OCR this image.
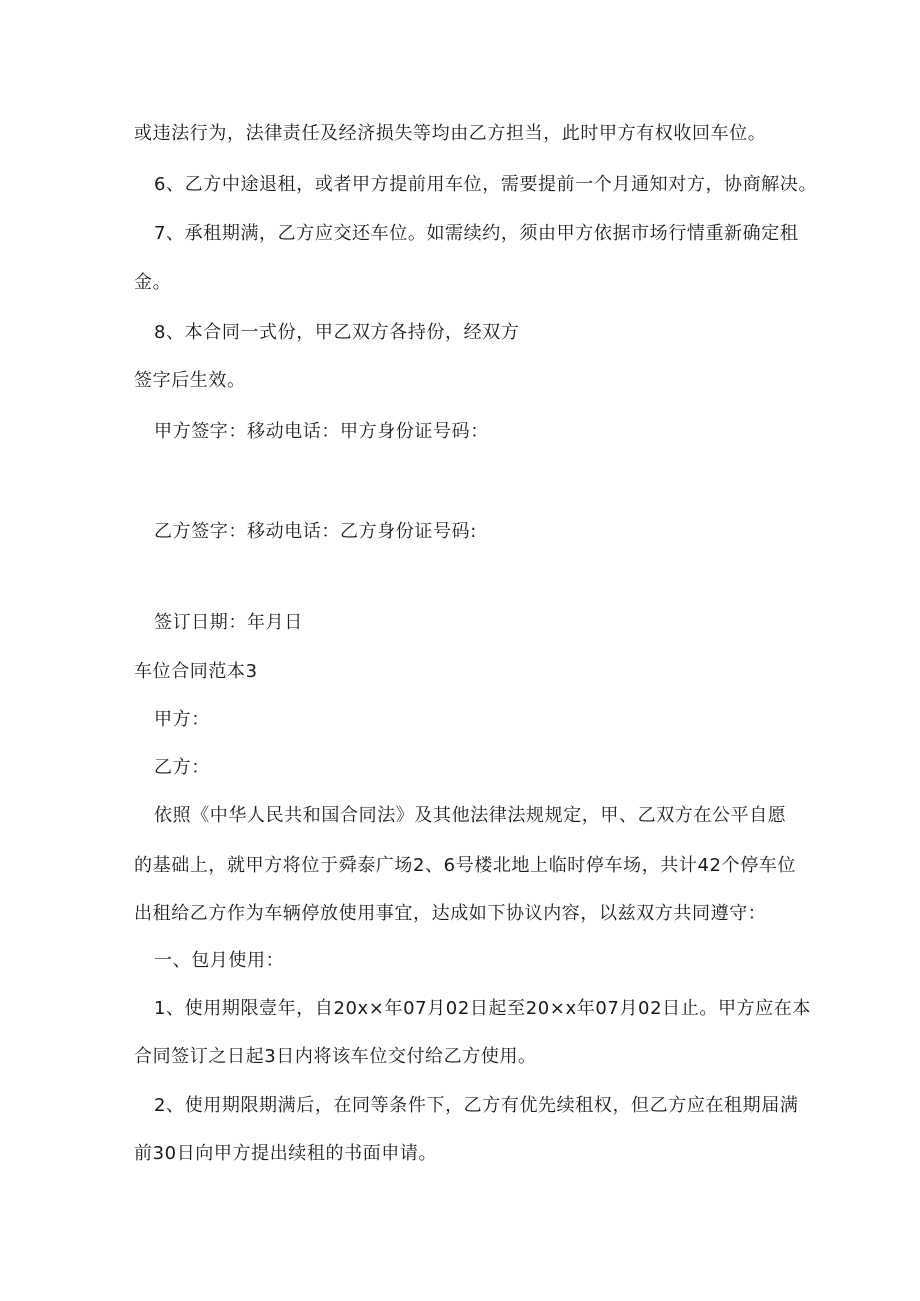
或违法行为，法律责任及经济损失等均由乙方担当，此时甲方有权收回车位。
6、乙方中途退租，或者甲方提前用车位，需要提前一个月通知对方，协商解决。
7、承租期满，乙方应交还车位。如需续约，须由甲方依据市场行情重新确定租
金。
8、本合同一式份，甲乙双方各持份，经双方
签字后生效。
甲方签字：移动电话：甲方身份证号码：
乙方签字：移动电话：乙方身份证号码:
签订日期：年月日
车位合同范本3
甲方：
乙方：
依照《中华人民共和国合同法》及其他法律法规规定，甲、乙双方在公平自愿
的基础上，就甲方将位于舜泰广场2、6号楼北地上临时停车场，共计42个停车位
出租给乙方作为车辆停放使用事宜，达成如下协议内容，以兹双方共同遵守：
一、包月使用：
1、使用期限壹年，自20x×年07月02日起至20×x年07月02日止。甲方应在本
合同签订之日起3日内将该车位交付给乙方使用。
2、使用期限期满后，在同等条件下，乙方有优先续租权，但乙方应在租期届满
前30日向甲方提出续租的书面申请。
